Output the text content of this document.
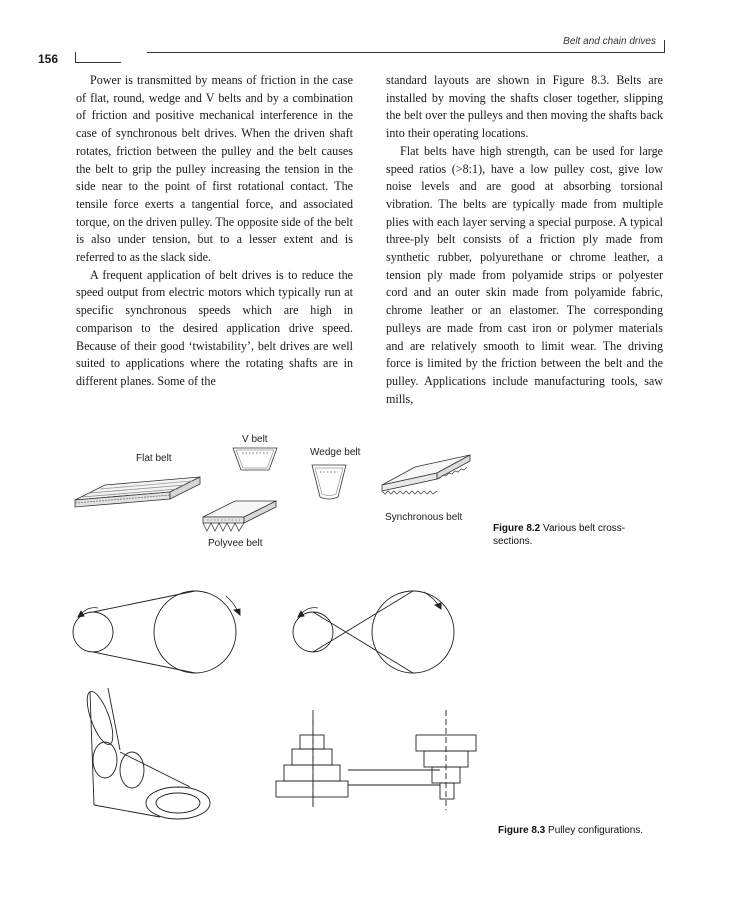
156
Belt and chain drives

Power is transmitted by means of friction in the case of flat, round, wedge and V belts and by a combination of friction and positive mechanical interference in the case of synchronous belt drives. When the driven shaft rotates, friction between the pulley and the belt causes the belt to grip the pulley increasing the tension in the side near to the point of first rotational contact. The tensile force exerts a tangential force, and associated torque, on the driven pulley. The opposite side of the belt is also under tension, but to a lesser extent and is referred to as the slack side.

A frequent application of belt drives is to reduce the speed output from electric motors which typically run at specific synchronous speeds which are high in comparison to the desired application drive speed. Because of their good ‘twistability’, belt drives are well suited to applications where the rotating shafts are in different planes. Some of the

standard layouts are shown in Figure 8.3. Belts are installed by moving the shafts closer together, slipping the belt over the pulleys and then moving the shafts back into their operating locations.

Flat belts have high strength, can be used for large speed ratios (>8:1), have a low pulley cost, give low noise levels and are good at absorbing torsional vibration. The belts are typically made from multiple plies with each layer serving a special purpose. A typical three-ply belt consists of a friction ply made from synthetic rubber, polyurethane or chrome leather, a tension ply made from polyamide strips or polyester cord and an outer skin made from polyamide fabric, chrome leather or an elastomer. The corresponding pulleys are made from cast iron or polymer materials and are relatively smooth to limit wear. The driving force is limited by the friction between the belt and the pulley. Applications include manufacturing tools, saw mills,

V belt
Flat belt
Wedge belt
Synchronous belt
Polyvee belt
Figure 8.2 Various belt cross-sections.
Figure 8.3 Pulley configurations.
